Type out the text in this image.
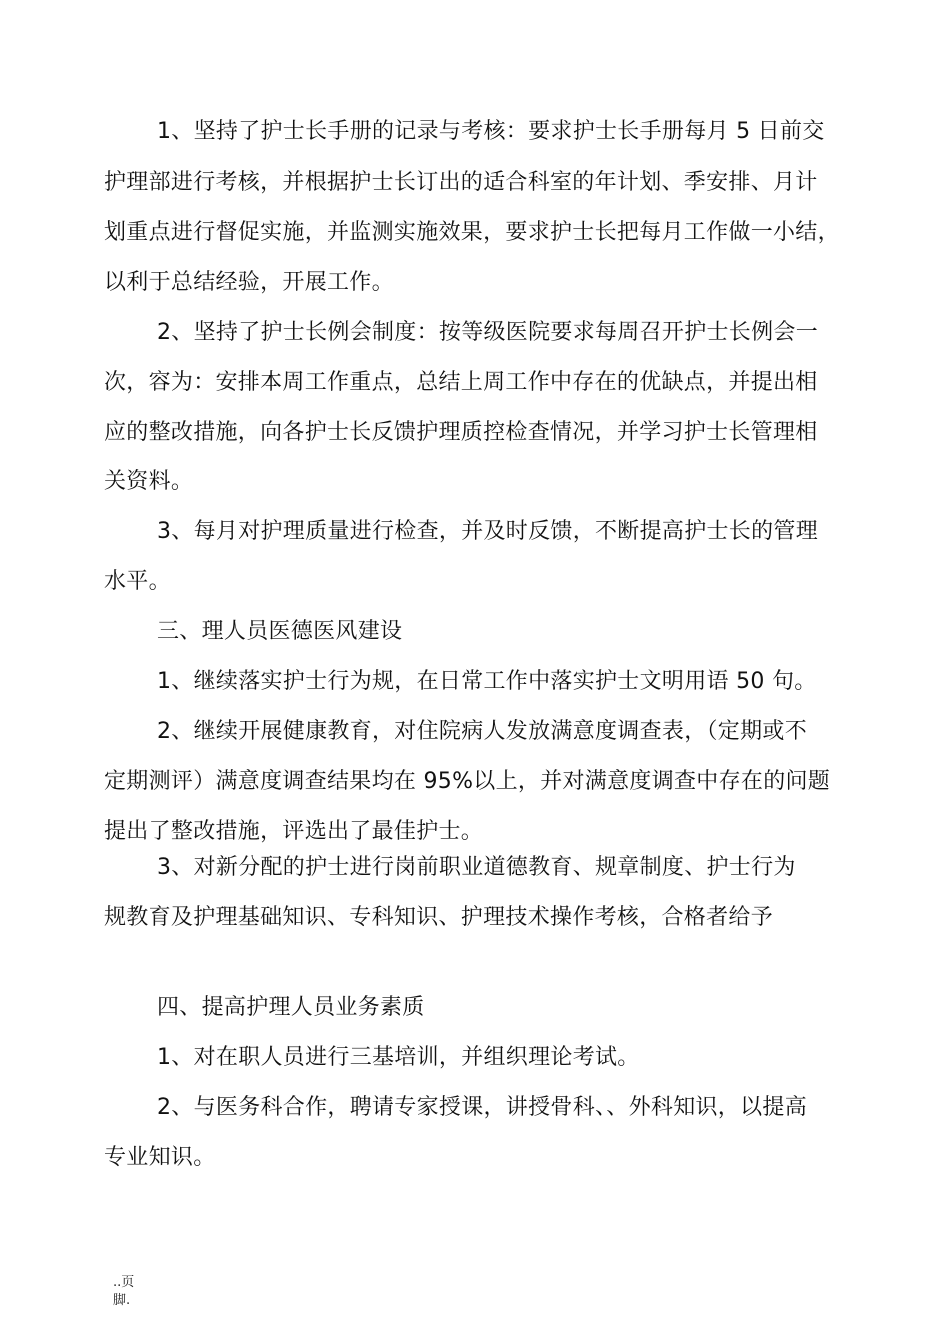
1、坚持了护士长手册的记录与考核：要求护士长手册每月 5 日前交
护理部进行考核，并根据护士长订出的适合科室的年计划、季安排、月计
划重点进行督促实施，并监测实施效果，要求护士长把每月工作做一小结，
以利于总结经验，开展工作。
2、坚持了护士长例会制度：按等级医院要求每周召开护士长例会一
次，容为：安排本周工作重点，总结上周工作中存在的优缺点，并提出相
应的整改措施，向各护士长反馈护理质控检查情况，并学习护士长管理相
关资料。
3、每月对护理质量进行检查，并及时反馈，不断提高护士长的管理
水平。
三、理人员医德医风建设
1、继续落实护士行为规，在日常工作中落实护士文明用语 50 句。
2、继续开展健康教育，对住院病人发放满意度调查表，（定期或不
定期测评）满意度调查结果均在 95%以上，并对满意度调查中存在的问题
提出了整改措施，评选出了最佳护士。
3、对新分配的护士进行岗前职业道德教育、规章制度、护士行为
规教育及护理基础知识、专科知识、护理技术操作考核，合格者给予
四、提高护理人员业务素质
1、对在职人员进行三基培训，并组织理论考试。
2、与医务科合作，聘请专家授课，讲授骨科、、外科知识，以提高
专业知识。
..页
脚.
